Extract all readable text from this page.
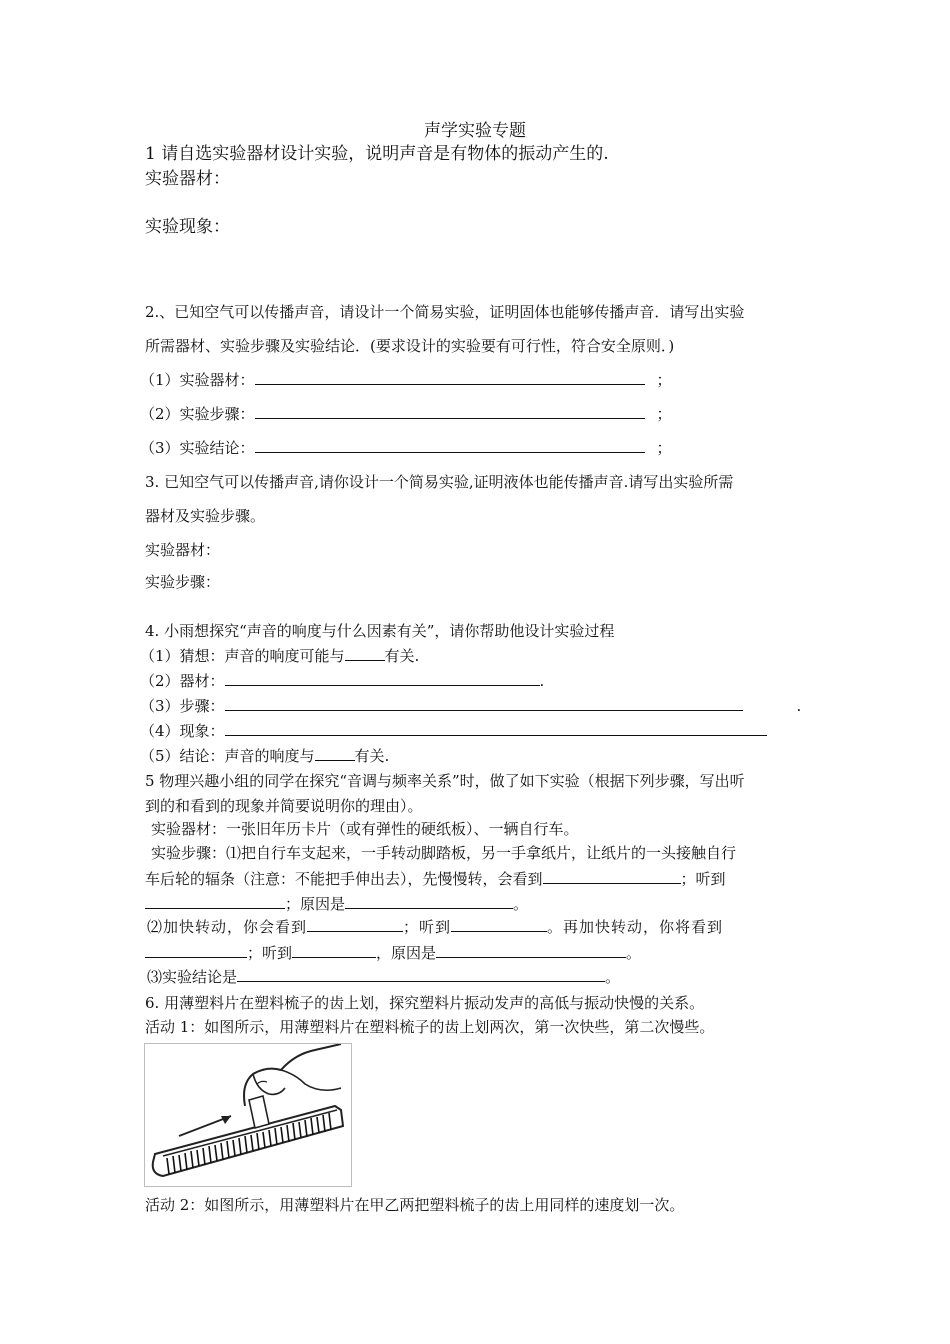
声学实验专题
1 请自选实验器材设计实验，说明声音是有物体的振动产生的.
实验器材：
实验现象：
2.、已知空气可以传播声音，请设计一个简易实验，证明固体也能够传播声音．请写出实验
所需器材、实验步骤及实验结论．(要求设计的实验要有可行性，符合安全原则．)
（1）实验器材：	；
（2）实验步骤：	；
（3）实验结论：	；
3. 已知空气可以传播声音,请你设计一个简易实验,证明液体也能传播声音.请写出实验所需
器材及实验步骤。
实验器材：
实验步骤：
4. 小雨想探究“声音的响度与什么因素有关”，请你帮助他设计实验过程
（1）猜想：声音的响度可能与	有关.
（2）器材：	.
（3）步骤：	.
（4）现象：
（5）结论：声音的响度与	有关.
5 物理兴趣小组的同学在探究“音调与频率关系”时，做了如下实验（根据下列步骤，写出听
到的和看到的现象并简要说明你的理由）。
实验器材：一张旧年历卡片（或有弹性的硬纸板）、一辆自行车。
实验步骤：⑴把自行车支起来，一手转动脚踏板，另一手拿纸片，让纸片的一头接触自行
车后轮的辐条（注意：不能把手伸出去），先慢慢转，会看到	；听到
；原因是	。
⑵加快转动，你会看到	；听到	。再加快转动，你将看到
；听到	，原因是	。
⑶实验结论是	。
6. 用薄塑料片在塑料梳子的齿上划，探究塑料片振动发声的高低与振动快慢的关系。
活动 1：如图所示，用薄塑料片在塑料梳子的齿上划两次，第一次快些，第二次慢些。
活动 2：如图所示，用薄塑料片在甲乙两把塑料梳子的齿上用同样的速度划一次。
